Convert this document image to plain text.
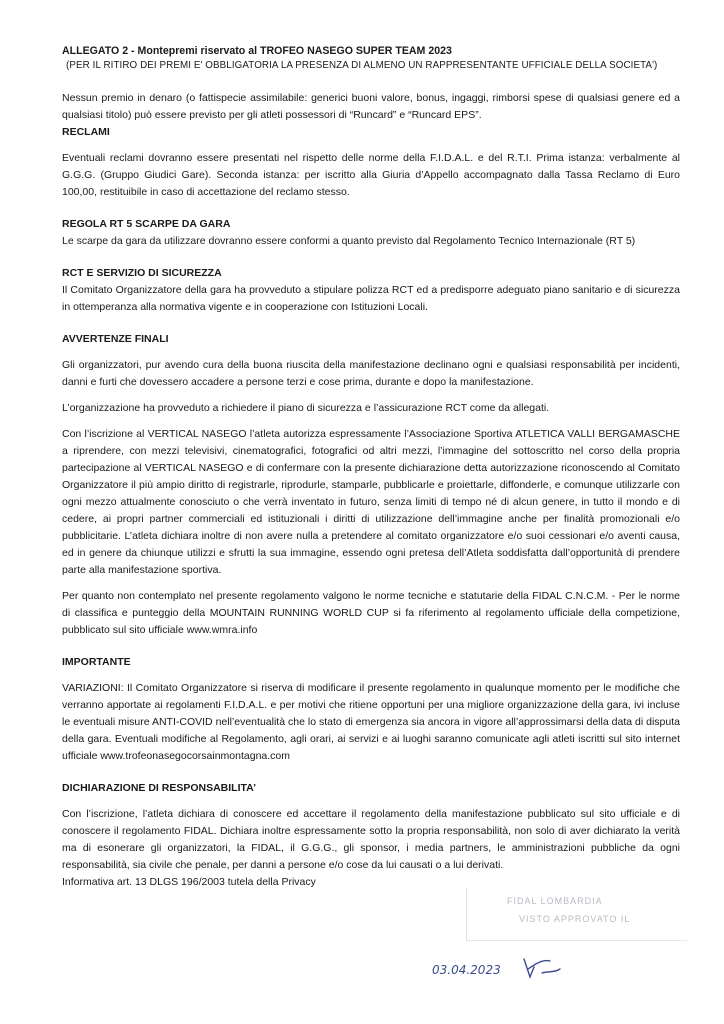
ALLEGATO 2 - Montepremi riservato al TROFEO NASEGO SUPER TEAM 2023

(PER IL RITIRO DEI PREMI E' OBBLIGATORIA LA PRESENZA DI ALMENO UN RAPPRESENTANTE UFFICIALE DELLA SOCIETA')

Nessun premio in denaro (o fattispecie assimilabile: generici buoni valore, bonus, ingaggi, rimborsi spese di qualsiasi genere ed a qualsiasi titolo) può essere previsto per gli atleti possessori di “Runcard” e “Runcard EPS”.

RECLAMI

Eventuali reclami dovranno essere presentati nel rispetto delle norme della F.I.D.A.L. e del R.T.I. Prima istanza: verbalmente al G.G.G. (Gruppo Giudici Gare). Seconda istanza: per iscritto alla Giuria d’Appello accompagnato dalla Tassa Reclamo di Euro 100,00, restituibile in caso di accettazione del reclamo stesso.

REGOLA RT 5 SCARPE DA GARA

Le scarpe da gara da utilizzare dovranno essere conformi a quanto previsto dal Regolamento Tecnico Internazionale (RT 5)

RCT E SERVIZIO DI SICUREZZA

Il Comitato Organizzatore della gara ha provveduto a stipulare polizza RCT ed a predisporre adeguato piano sanitario e di sicurezza in ottemperanza alla normativa vigente e in cooperazione con Istituzioni Locali.

AVVERTENZE FINALI

Gli organizzatori, pur avendo cura della buona riuscita della manifestazione declinano ogni e qualsiasi responsabilità per incidenti, danni e furti che dovessero accadere a persone terzi e cose prima, durante e dopo la manifestazione.

L’organizzazione ha provveduto a richiedere il piano di sicurezza e l’assicurazione RCT come da allegati.

Con l’iscrizione al VERTICAL NASEGO l’atleta autorizza espressamente l’Associazione Sportiva ATLETICA VALLI BERGAMASCHE a riprendere, con mezzi televisivi, cinematografici, fotografici od altri mezzi, l’immagine del sottoscritto nel corso della propria partecipazione al VERTICAL NASEGO e di confermare con la presente dichiarazione detta autorizzazione riconoscendo al Comitato Organizzatore il più ampio diritto di registrarle, riprodurle, stamparle, pubblicarle e proiettarle, diffonderle, e comunque utilizzarle con ogni mezzo attualmente conosciuto o che verrà inventato in futuro, senza limiti di tempo né di alcun genere, in tutto il mondo e di cedere, ai propri partner commerciali ed istituzionali i diritti di utilizzazione dell’immagine anche per finalità promozionali e/o pubblicitarie. L’atleta dichiara inoltre di non avere nulla a pretendere al comitato organizzatore e/o suoi cessionari e/o aventi causa, ed in genere da chiunque utilizzi e sfrutti la sua immagine, essendo ogni pretesa dell’Atleta soddisfatta dall’opportunità di prendere parte alla manifestazione sportiva.

Per quanto non contemplato nel presente regolamento valgono le norme tecniche e statutarie della FIDAL C.N.C.M. - Per le norme di classifica e punteggio della MOUNTAIN RUNNING WORLD CUP si fa riferimento al regolamento ufficiale della competizione, pubblicato sul sito ufficiale www.wmra.info

IMPORTANTE

VARIAZIONI: Il Comitato Organizzatore si riserva di modificare il presente regolamento in qualunque momento per le modifiche che verranno apportate ai regolamenti F.I.D.A.L. e per motivi che ritiene opportuni per una migliore organizzazione della gara, ivi incluse le eventuali misure ANTI-COVID nell’eventualità che lo stato di emergenza sia ancora in vigore all’approssimarsi della data di disputa della gara. Eventuali modifiche al Regolamento, agli orari, ai servizi e ai luoghi saranno comunicate agli atleti iscritti sul sito internet ufficiale www.trofeonasegocorsainmontagna.com

DICHIARAZIONE DI RESPONSABILITA’

Con l’iscrizione, l’atleta dichiara di conoscere ed accettare il regolamento della manifestazione pubblicato sul sito ufficiale e di conoscere il regolamento FIDAL. Dichiara inoltre espressamente sotto la propria responsabilità, non solo di aver dichiarato la verità ma di esonerare gli organizzatori, la FIDAL, il G.G.G., gli sponsor, i media partners, le amministrazioni pubbliche da ogni responsabilità, sia civile che penale, per danni a persone e/o cose da lui causati o a lui derivati.

Informativa art. 13 DLGS 196/2003 tutela della Privacy

FIDAL LOMBARDIA
VISTO APPROVATO IL
03.04.2023
